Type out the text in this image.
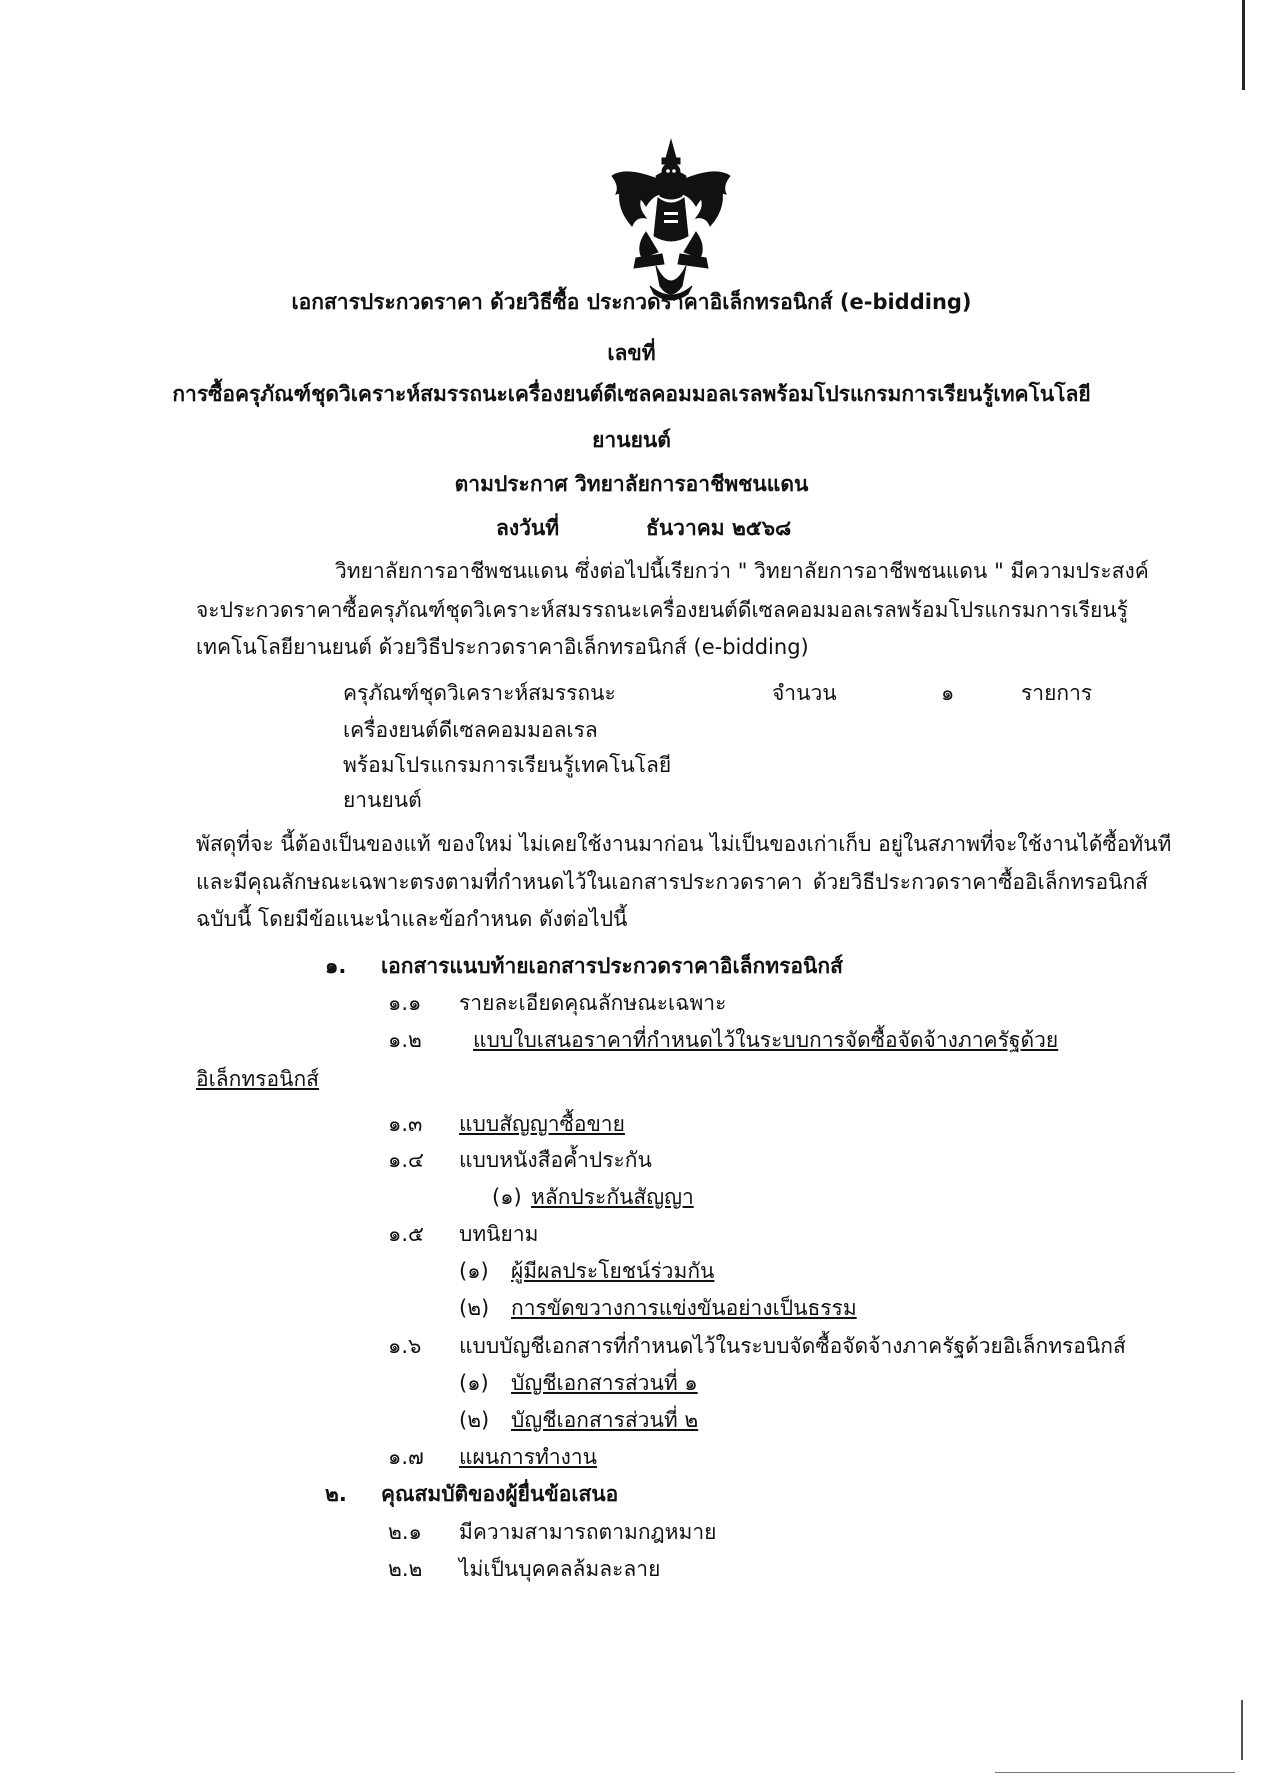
เอกสารประกวดราคา ด้วยวิธีซื้อ ประกวดราคาอิเล็กทรอนิกส์ (e-bidding)
เลขที่
การซื้อครุภัณฑ์ชุดวิเคราะห์สมรรถนะเครื่องยนต์ดีเซลคอมมอลเรลพร้อมโปรแกรมการเรียนรู้เทคโนโลยี
ยานยนต์
ตามประกาศ วิทยาลัยการอาชีพชนแดน
ลงวันที่	ธันวาคม ๒๕๖๘
วิทยาลัยการอาชีพชนแดน ซึ่งต่อไปนี้เรียกว่า " วิทยาลัยการอาชีพชนแดน " มีความประสงค์
จะประกวดราคาซื้อครุภัณฑ์ชุดวิเคราะห์สมรรถนะเครื่องยนต์ดีเซลคอมมอลเรลพร้อมโปรแกรมการเรียนรู้
เทคโนโลยียานยนต์ ด้วยวิธีประกวดราคาอิเล็กทรอนิกส์ (e-bidding)
ครุภัณฑ์ชุดวิเคราะห์สมรรถนะ
เครื่องยนต์ดีเซลคอมมอลเรล
พร้อมโปรแกรมการเรียนรู้เทคโนโลยี
ยานยนต์
จำนวน	๑	รายการ
พัสดุที่จะ นี้ต้องเป็นของแท้ ของใหม่ ไม่เคยใช้งานมาก่อน ไม่เป็นของเก่าเก็บ อยู่ในสภาพที่จะใช้งานได้ซื้อทันที
และมีคุณลักษณะเฉพาะตรงตามที่กำหนดไว้ในเอกสารประกวดราคา ด้วยวิธีประกวดราคาซื้ออิเล็กทรอนิกส์
ฉบับนี้ โดยมีข้อแนะนำและข้อกำหนด ดังต่อไปนี้
๑. เอกสารแนบท้ายเอกสารประกวดราคาอิเล็กทรอนิกส์
๑.๑ รายละเอียดคุณลักษณะเฉพาะ
๑.๒ แบบใบเสนอราคาที่กำหนดไว้ในระบบการจัดซื้อจัดจ้างภาครัฐด้วย
อิเล็กทรอนิกส์
๑.๓ แบบสัญญาซื้อขาย
๑.๔ แบบหนังสือค้ำประกัน
(๑) หลักประกันสัญญา
๑.๕ บทนิยาม
(๑) ผู้มีผลประโยชน์ร่วมกัน
(๒) การขัดขวางการแข่งขันอย่างเป็นธรรม
๑.๖ แบบบัญชีเอกสารที่กำหนดไว้ในระบบจัดซื้อจัดจ้างภาครัฐด้วยอิเล็กทรอนิกส์
(๑) บัญชีเอกสารส่วนที่ ๑
(๒) บัญชีเอกสารส่วนที่ ๒
๑.๗ แผนการทำงาน
๒. คุณสมบัติของผู้ยื่นข้อเสนอ
๒.๑ มีความสามารถตามกฎหมาย
๒.๒ ไม่เป็นบุคคลล้มละลาย
